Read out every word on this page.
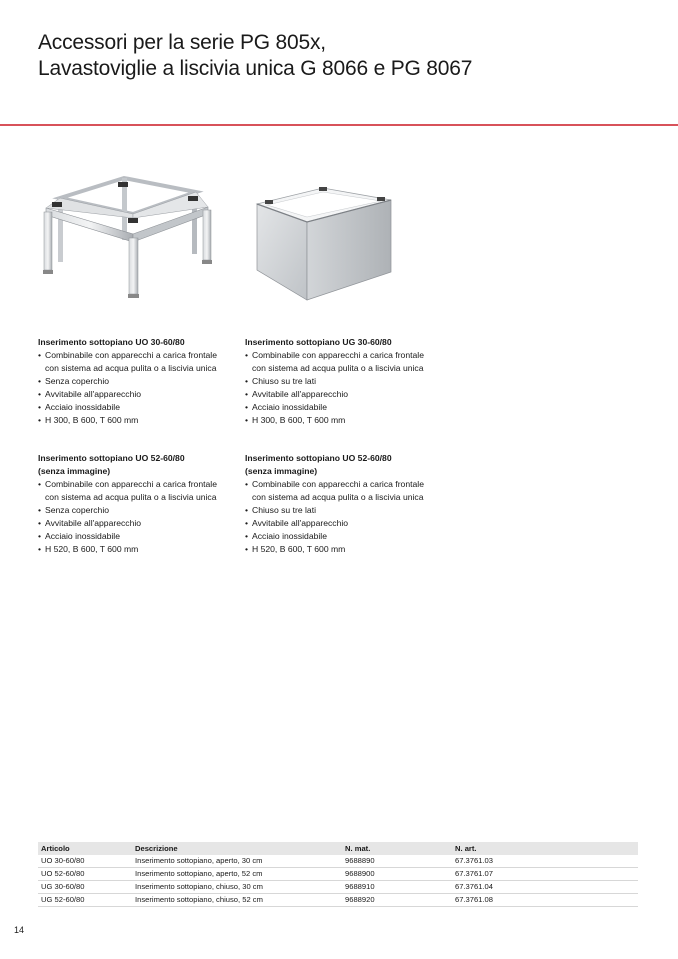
Accessori per la serie PG 805x,
Lavastoviglie a liscivia unica G 8066 e PG 8067
Inserimento sottopiano UO 30-60/80
• Combinabile con apparecchi a carica frontale con sistema ad acqua pulita o a liscivia unica
• Senza coperchio
• Avvitabile all'apparecchio
• Acciaio inossidabile
• H 300, B 600, T 600 mm
Inserimento sottopiano UG 30-60/80
• Combinabile con apparecchi a carica frontale con sistema ad acqua pulita o a liscivia unica
• Chiuso su tre lati
• Avvitabile all'apparecchio
• Acciaio inossidabile
• H 300, B 600, T 600 mm
Inserimento sottopiano UO 52-60/80
(senza immagine)
• Combinabile con apparecchi a carica frontale con sistema ad acqua pulita o a liscivia unica
• Senza coperchio
• Avvitabile all'apparecchio
• Acciaio inossidabile
• H 520, B 600, T 600 mm
Inserimento sottopiano UO 52-60/80
(senza immagine)
• Combinabile con apparecchi a carica frontale con sistema ad acqua pulita o a liscivia unica
• Chiuso su tre lati
• Avvitabile all'apparecchio
• Acciaio inossidabile
• H 520, B 600, T 600 mm
Articolo	Descrizione	N. mat.	N. art.
UO 30-60/80	Inserimento sottopiano, aperto, 30 cm	9688890	67.3761.03
UO 52-60/80	Inserimento sottopiano, aperto, 52 cm	9688900	67.3761.07
UG 30-60/80	Inserimento sottopiano, chiuso, 30 cm	9688910	67.3761.04
UG 52-60/80	Inserimento sottopiano, chiuso, 52 cm	9688920	67.3761.08
14
